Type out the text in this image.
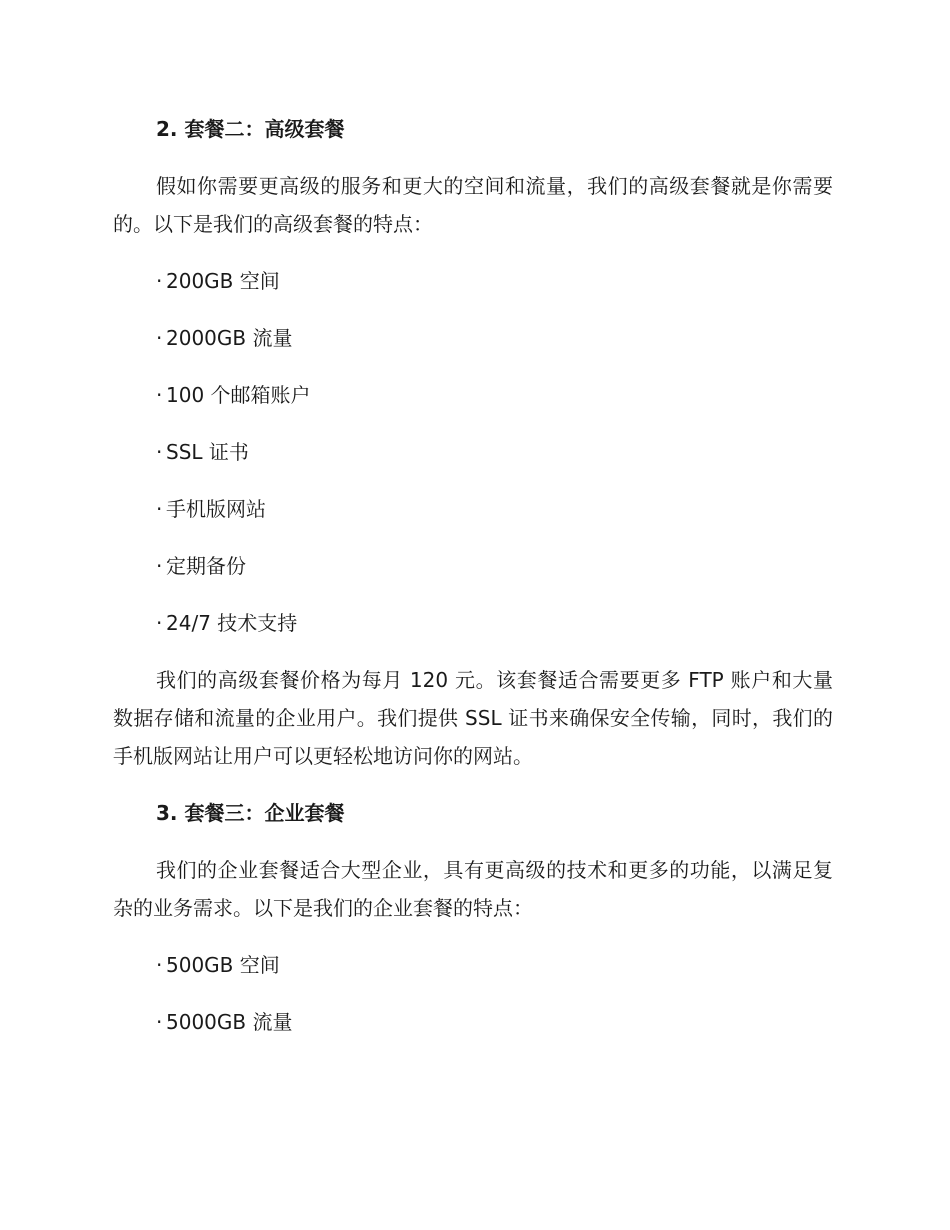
2. 套餐二：高级套餐
假如你需要更高级的服务和更大的空间和流量，我们的高级套餐就是你需要的。以下是我们的高级套餐的特点：
· 200GB 空间
· 2000GB 流量
· 100 个邮箱账户
· SSL 证书
· 手机版网站
· 定期备份
· 24/7 技术支持
我们的高级套餐价格为每月 120 元。该套餐适合需要更多 FTP 账户和大量数据存储和流量的企业用户。我们提供 SSL 证书来确保安全传输，同时，我们的手机版网站让用户可以更轻松地访问你的网站。
3. 套餐三：企业套餐
我们的企业套餐适合大型企业，具有更高级的技术和更多的功能，以满足复杂的业务需求。以下是我们的企业套餐的特点：
· 500GB 空间
· 5000GB 流量
